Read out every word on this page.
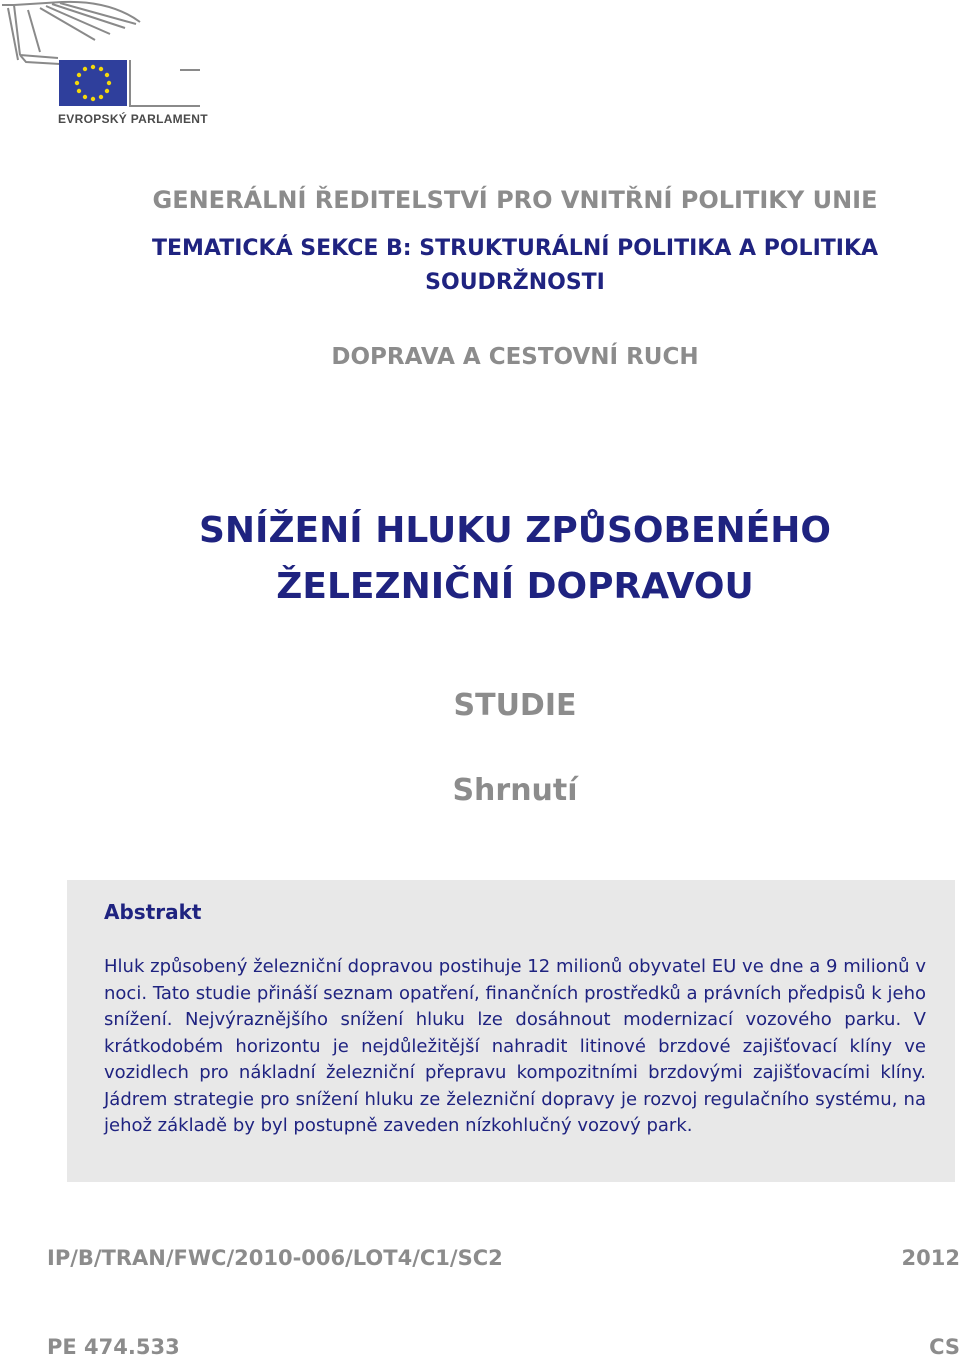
EVROPSKÝ PARLAMENT
GENERÁLNÍ ŘEDITELSTVÍ PRO VNITŘNÍ POLITIKY UNIE
TEMATICKÁ SEKCE B: STRUKTURÁLNÍ POLITIKA A POLITIKA
SOUDRŽNOSTI
DOPRAVA A CESTOVNÍ RUCH
SNÍŽENÍ HLUKU ZPŮSOBENÉHO
ŽELEZNIČNÍ DOPRAVOU
STUDIE
Shrnutí
Abstrakt
Hluk způsobený železniční dopravou postihuje 12 milionů obyvatel EU ve dne a 9 milionů v noci. Tato studie přináší seznam opatření, finančních prostředků a právních předpisů k jeho snížení. Nejvýraznějšího snížení hluku lze dosáhnout modernizací vozového parku. V krátkodobém horizontu je nejdůležitější nahradit litinové brzdové zajišťovací klíny ve vozidlech pro nákladní železniční přepravu kompozitními brzdovými zajišťovacími klíny. Jádrem strategie pro snížení hluku ze železniční dopravy je rozvoj regulačního systému, na jehož základě by byl postupně zaveden nízkohlučný vozový park.
IP/B/TRAN/FWC/2010-006/LOT4/C1/SC2	2012
PE 474.533	CS
